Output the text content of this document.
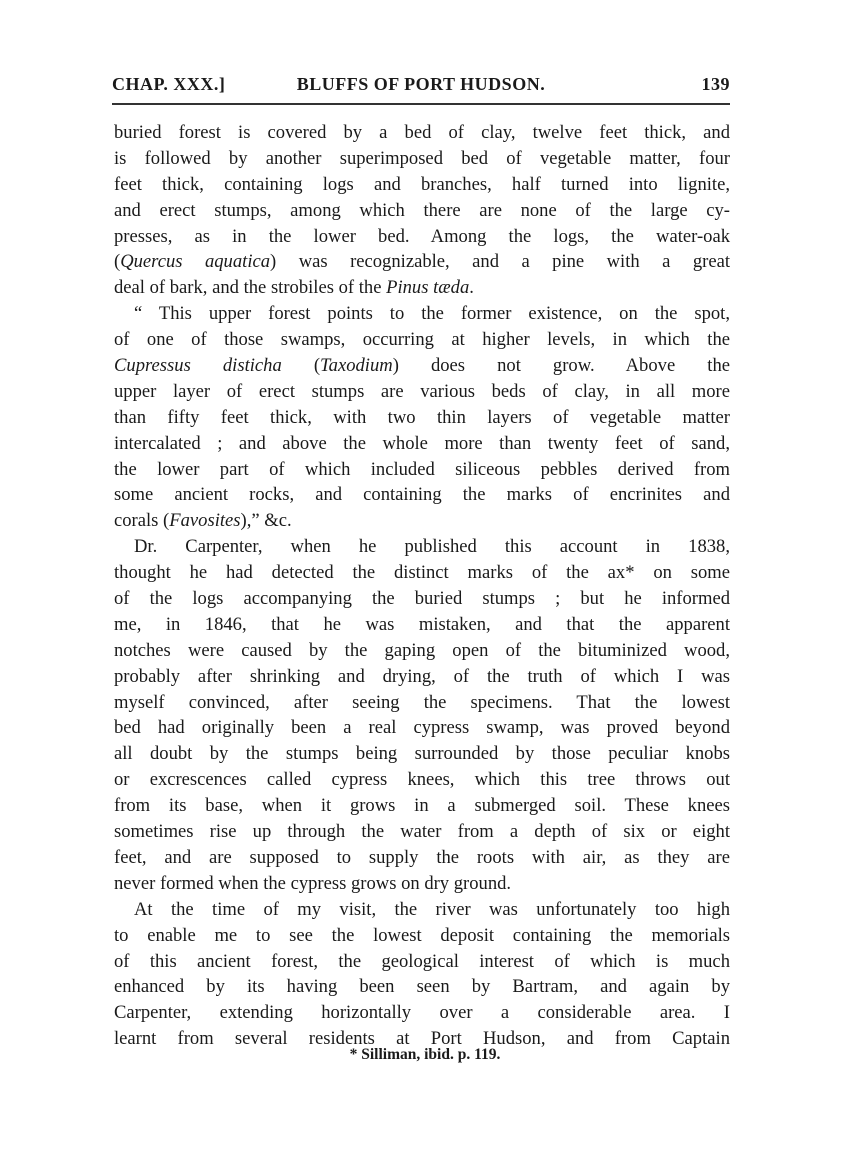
CHAP. XXX.]	BLUFFS OF PORT HUDSON.	139
buried forest is covered by a bed of clay, twelve feet thick, and
is followed by another superimposed bed of vegetable matter, four
feet thick, containing logs and branches, half turned into lignite,
and erect stumps, among which there are none of the large cy-
presses, as in the lower bed. Among the logs, the water-oak
(Quercus aquatica) was recognizable, and a pine with a great
deal of bark, and the strobiles of the Pinus tæda.
“ This upper forest points to the former existence, on the spot,
of one of those swamps, occurring at higher levels, in which the
Cupressus disticha (Taxodium) does not grow. Above the
upper layer of erect stumps are various beds of clay, in all more
than fifty feet thick, with two thin layers of vegetable matter
intercalated ; and above the whole more than twenty feet of sand,
the lower part of which included siliceous pebbles derived from
some ancient rocks, and containing the marks of encrinites and
corals (Favosites),” &c.
Dr. Carpenter, when he published this account in 1838,
thought he had detected the distinct marks of the ax* on some
of the logs accompanying the buried stumps ; but he informed
me, in 1846, that he was mistaken, and that the apparent
notches were caused by the gaping open of the bituminized wood,
probably after shrinking and drying, of the truth of which I was
myself convinced, after seeing the specimens. That the lowest
bed had originally been a real cypress swamp, was proved beyond
all doubt by the stumps being surrounded by those peculiar knobs
or excrescences called cypress knees, which this tree throws out
from its base, when it grows in a submerged soil. These knees
sometimes rise up through the water from a depth of six or eight
feet, and are supposed to supply the roots with air, as they are
never formed when the cypress grows on dry ground.
At the time of my visit, the river was unfortunately too high
to enable me to see the lowest deposit containing the memorials
of this ancient forest, the geological interest of which is much
enhanced by its having been seen by Bartram, and again by
Carpenter, extending horizontally over a considerable area. I
learnt from several residents at Port Hudson, and from Captain
* Silliman, ibid. p. 119.
